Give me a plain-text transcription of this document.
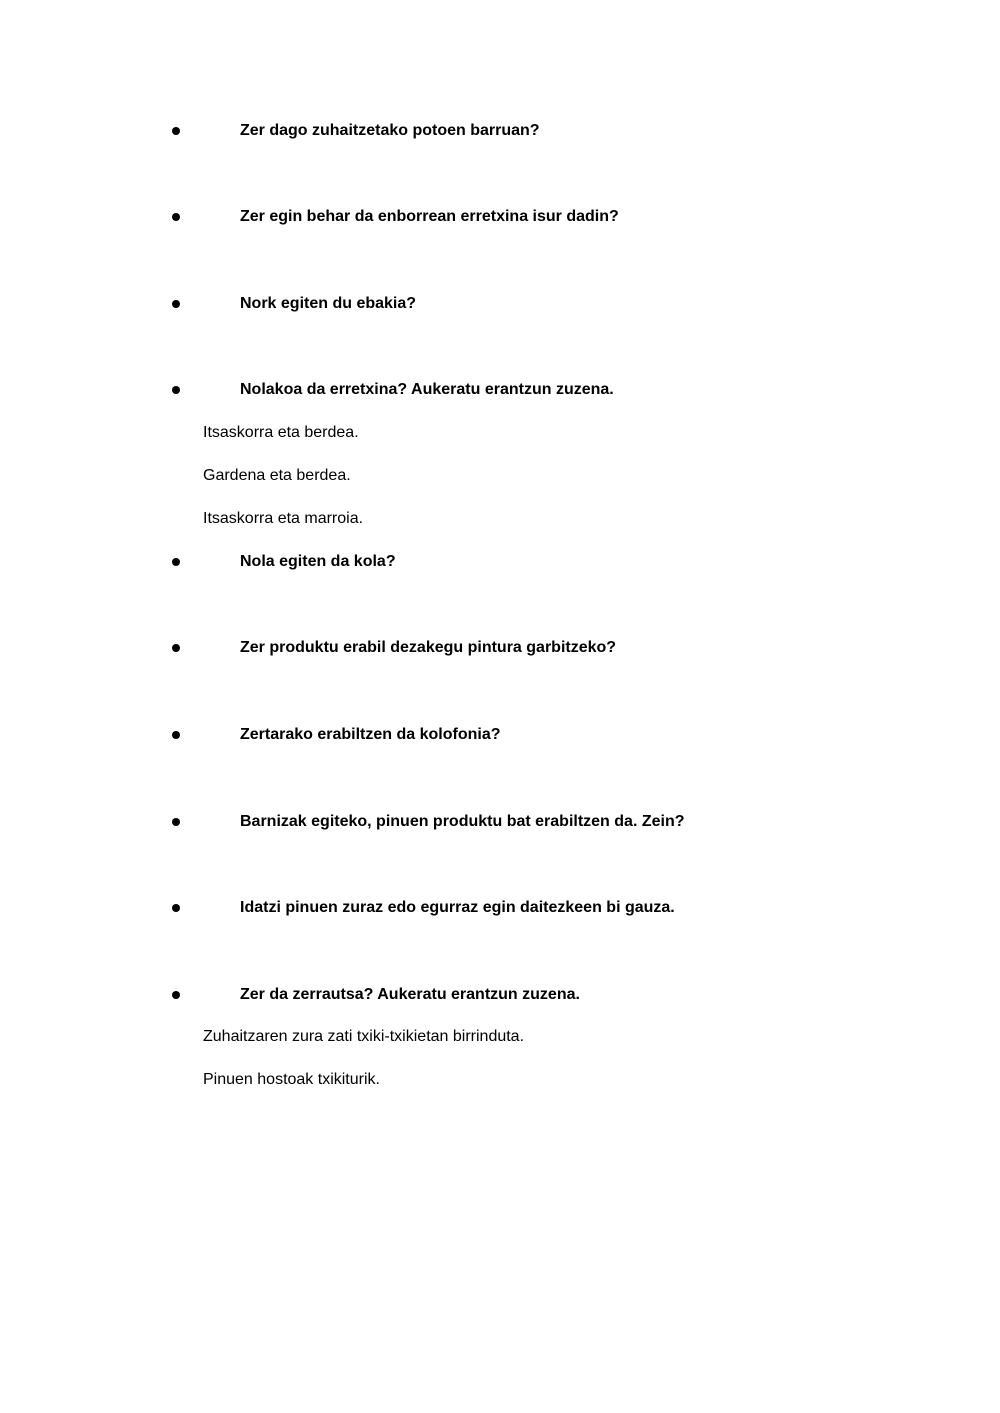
Zer dago zuhaitzetako potoen barruan?
Zer egin behar da enborrean erretxina isur dadin?
Nork egiten du ebakia?
Nolakoa da erretxina? Aukeratu erantzun zuzena.
Itsaskorra eta berdea.
Gardena eta berdea.
Itsaskorra eta marroia.
Nola egiten da kola?
Zer produktu erabil dezakegu pintura garbitzeko?
Zertarako erabiltzen da kolofonia?
Barnizak egiteko, pinuen produktu bat erabiltzen da. Zein?
Idatzi pinuen zuraz edo egurraz egin daitezkeen bi gauza.
Zer da zerrautsa? Aukeratu erantzun zuzena.
Zuhaitzaren zura zati txiki-txikietan birrinduta.
Pinuen hostoak txikiturik.
